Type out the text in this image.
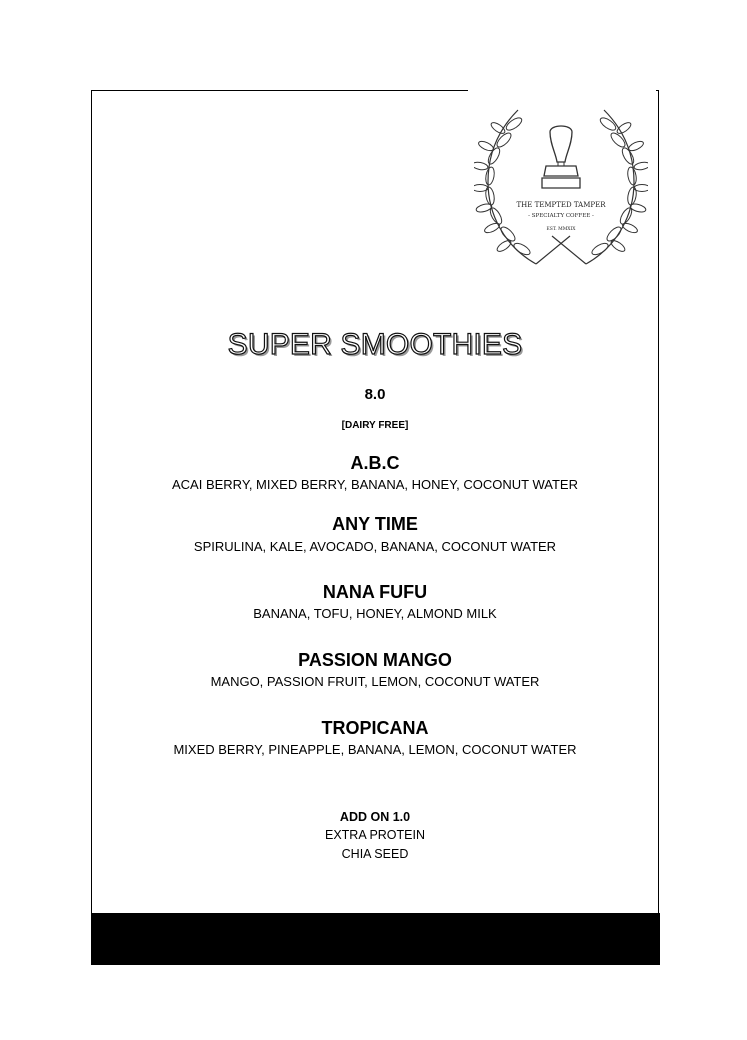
THE TEMPTED TAMPER
- SPECIALTY COFFEE -
EST. MMXIX
SUPER SMOOTHIES
8.0
[DAIRY FREE]
A.B.C
ACAI BERRY, MIXED BERRY, BANANA, HONEY, COCONUT WATER
ANY TIME
SPIRULINA, KALE, AVOCADO, BANANA, COCONUT WATER
NANA FUFU
BANANA, TOFU, HONEY, ALMOND MILK
PASSION MANGO
MANGO, PASSION FRUIT, LEMON, COCONUT WATER
TROPICANA
MIXED BERRY, PINEAPPLE, BANANA, LEMON, COCONUT WATER
ADD ON 1.0
EXTRA PROTEIN
CHIA SEED
